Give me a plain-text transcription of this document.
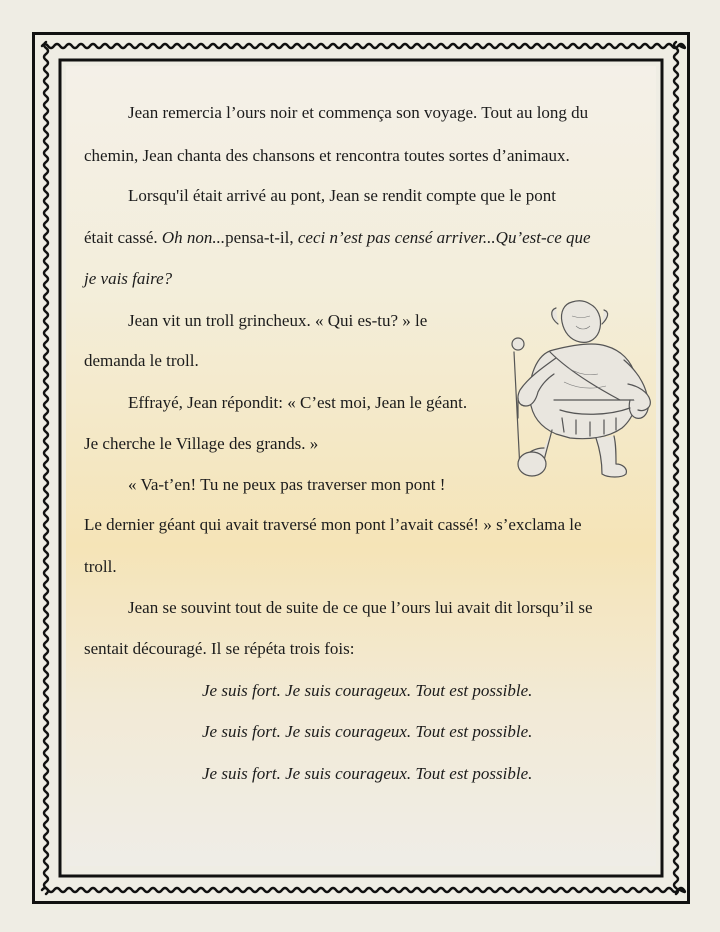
Jean remercia l’ours noir et commença son voyage. Tout au long du

chemin, Jean chanta des chansons et rencontra toutes sortes d’animaux.

Lorsqu'il était arrivé au pont, Jean se rendit compte que le pont

était cassé. Oh non...pensa-t-il, ceci n’est pas censé arriver...Qu’est-ce que

je vais faire?

Jean vit un troll grincheux. « Qui es-tu? » le

demanda le troll.

Effrayé, Jean répondit: « C’est moi, Jean le géant.

Je cherche le Village des grands. »

« Va-t’en! Tu ne peux pas traverser mon pont !

Le dernier géant qui avait traversé mon pont l’avait cassé! » s’exclama le

troll.

Jean se souvint tout de suite de ce que l’ours lui avait dit lorsqu’il se

sentait découragé. Il se répéta trois fois:

Je suis fort. Je suis courageux. Tout est possible.

Je suis fort. Je suis courageux. Tout est possible.

Je suis fort. Je suis courageux. Tout est possible.
